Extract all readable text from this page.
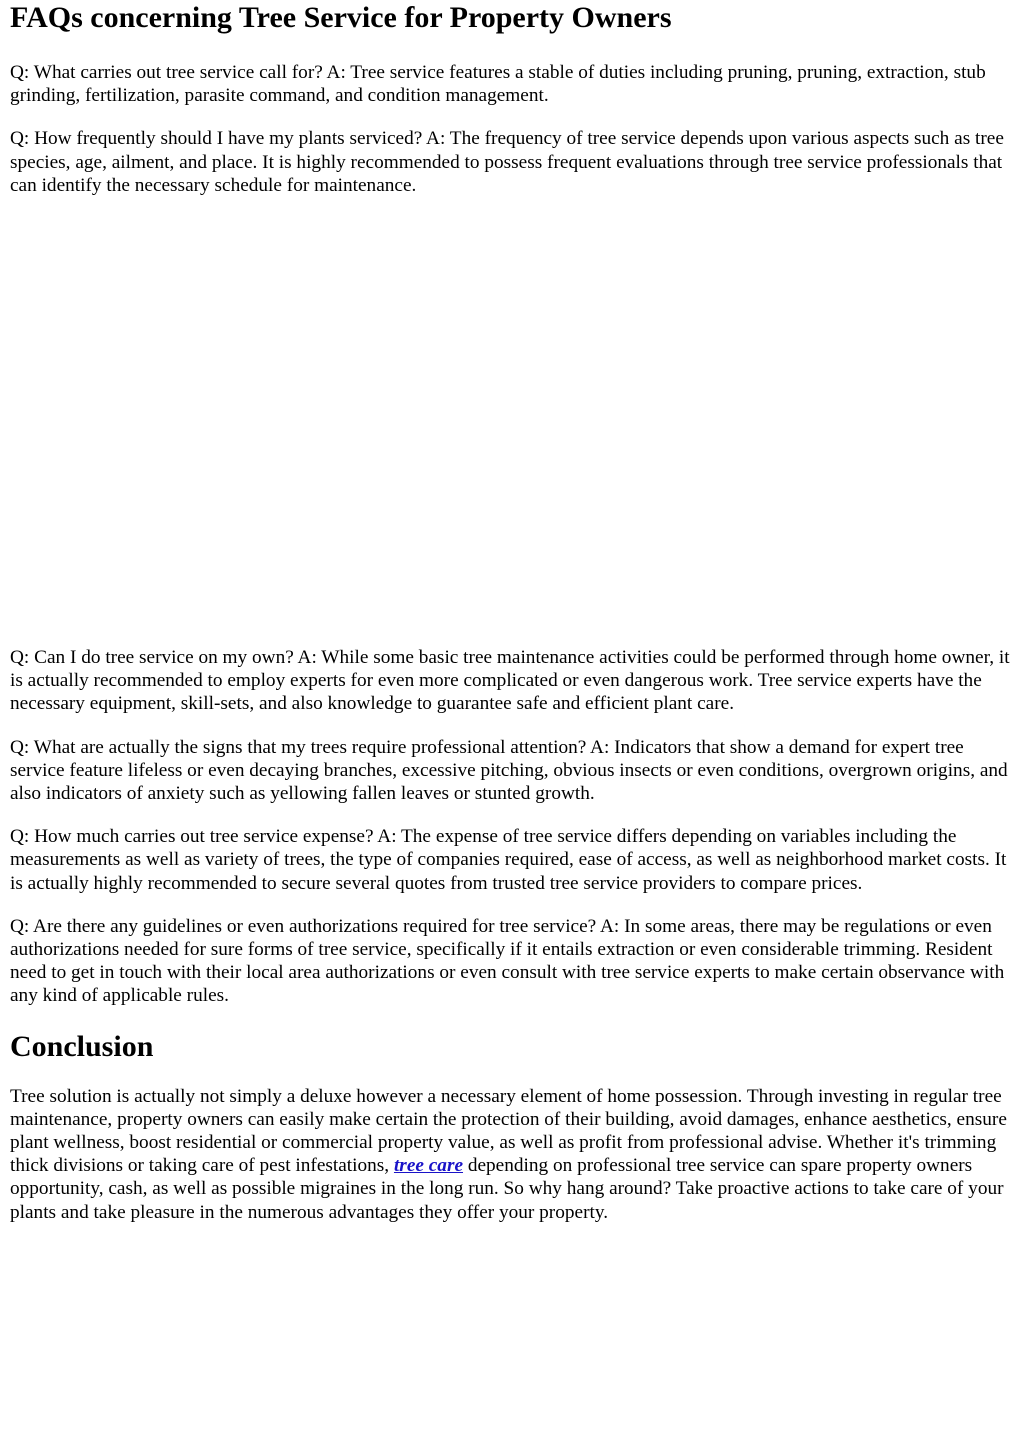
FAQs concerning Tree Service for Property Owners

Q: What carries out tree service call for? A: Tree service features a stable of duties including pruning, pruning, extraction, stub grinding, fertilization, parasite command, and condition management.

Q: How frequently should I have my plants serviced? A: The frequency of tree service depends upon various aspects such as tree species, age, ailment, and place. It is highly recommended to possess frequent evaluations through tree service professionals that can identify the necessary schedule for maintenance.

Q: Can I do tree service on my own? A: While some basic tree maintenance activities could be performed through home owner, it is actually recommended to employ experts for even more complicated or even dangerous work. Tree service experts have the necessary equipment, skill-sets, and also knowledge to guarantee safe and efficient plant care.

Q: What are actually the signs that my trees require professional attention? A: Indicators that show a demand for expert tree service feature lifeless or even decaying branches, excessive pitching, obvious insects or even conditions, overgrown origins, and also indicators of anxiety such as yellowing fallen leaves or stunted growth.

Q: How much carries out tree service expense? A: The expense of tree service differs depending on variables including the measurements as well as variety of trees, the type of companies required, ease of access, as well as neighborhood market costs. It is actually highly recommended to secure several quotes from trusted tree service providers to compare prices.

Q: Are there any guidelines or even authorizations required for tree service? A: In some areas, there may be regulations or even authorizations needed for sure forms of tree service, specifically if it entails extraction or even considerable trimming. Resident need to get in touch with their local area authorizations or even consult with tree service experts to make certain observance with any kind of applicable rules.

Conclusion

Tree solution is actually not simply a deluxe however a necessary element of home possession. Through investing in regular tree maintenance, property owners can easily make certain the protection of their building, avoid damages, enhance aesthetics, ensure plant wellness, boost residential or commercial property value, as well as profit from professional advise. Whether it's trimming thick divisions or taking care of pest infestations, tree care depending on professional tree service can spare property owners opportunity, cash, as well as possible migraines in the long run. So why hang around? Take proactive actions to take care of your plants and take pleasure in the numerous advantages they offer your property.
